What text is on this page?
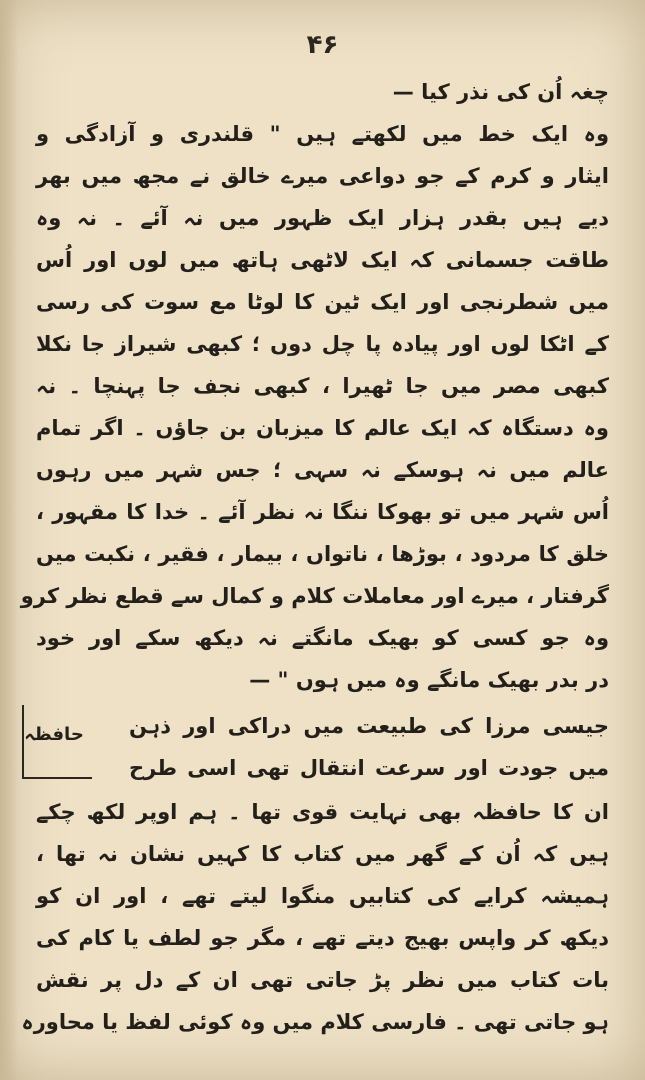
۴۶
چغہ اُن کی نذر کیا —
وہ ایک خط میں لکھتے ہیں " قلندری و آزادگی و
ایثار و کرم کے جو دواعی میرے خالق نے مجھ میں بھر
دیے ہیں بقدر ہزار ایک ظہور میں نہ آئے ۔ نہ وہ
طاقت جسمانی کہ ایک لاٹھی ہاتھ میں لوں اور اُس
میں شطرنجی اور ایک ٹین کا لوٹا مع سوت کی رسی
کے اٹکا لوں اور پیادہ پا چل دوں ؛ کبھی شیراز جا نکلا
کبھی مصر میں جا ٹھیرا ، کبھی نجف جا پہنچا ۔ نہ
وہ دستگاہ کہ ایک عالم کا میزبان بن جاؤں ۔ اگر تمام
عالم میں نہ ہوسکے نہ سہی ؛ جس شہر میں رہوں
اُس شہر میں تو بھوکا ننگا نہ نظر آئے ۔ خدا کا مقہور ،
خلق کا مردود ، بوڑھا ، ناتواں ، بیمار ، فقیر ، نکبت میں
گرفتار ، میرے اور معاملات کلام و کمال سے قطع نظر کرو
وہ جو کسی کو بھیک مانگتے نہ دیکھ سکے اور خود
در بدر بھیک مانگے وہ میں ہوں " —
جیسی مرزا کی طبیعت میں دراکی اور ذہن
میں جودت اور سرعت انتقال تھی اسی طرح
ان کا حافظہ بھی نہایت قوی تھا ۔ ہم اوپر لکھ چکے
ہیں کہ اُن کے گھر میں کتاب کا کہیں نشان نہ تھا ،
ہمیشہ کرایے کی کتابیں منگوا لیتے تھے ، اور ان کو
دیکھ کر واپس بھیج دیتے تھے ، مگر جو لطف یا کام کی
بات کتاب میں نظر پڑ جاتی تھی ان کے دل پر نقش
ہو جاتی تھی ۔ فارسی کلام میں وہ کوئی لفظ یا محاورہ
حافظہ
